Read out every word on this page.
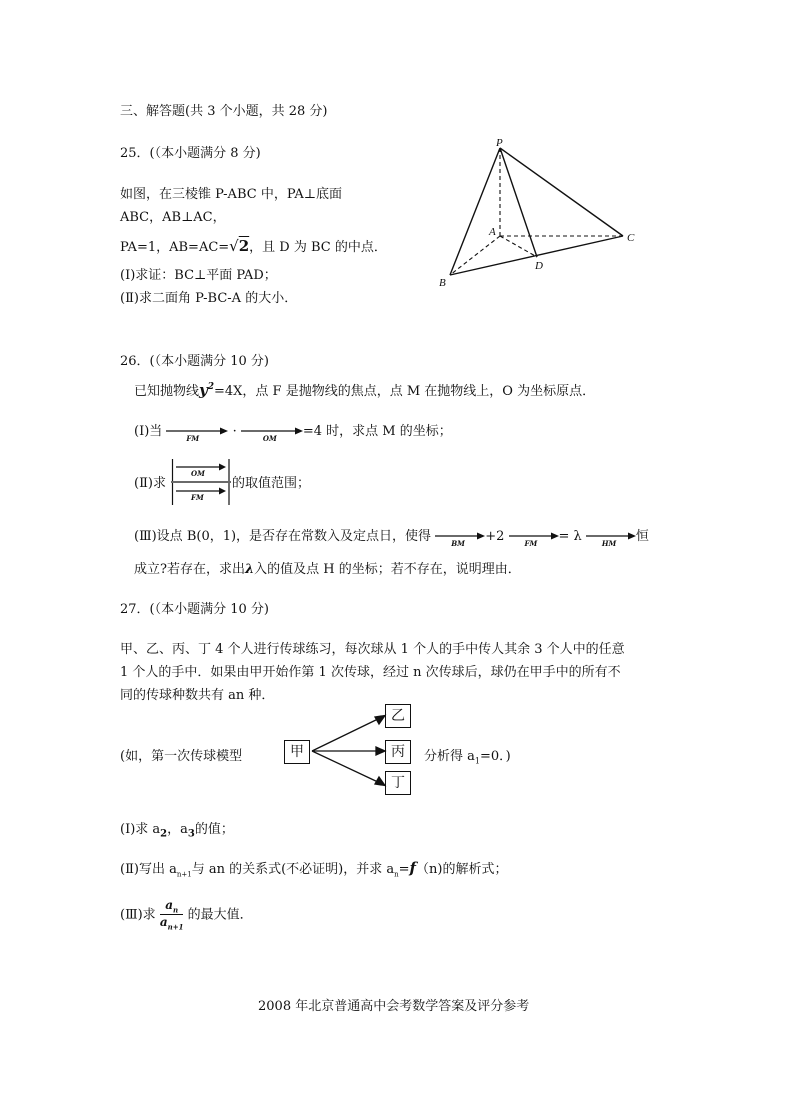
三、解答题(共 3 个小题，共 28 分)
25．(（本小题满分 8 分)
如图，在三棱锥 P-ABC 中，PA⊥底面
ABC，AB⊥AC，
PA=1，AB=AC=√2，且 D 为 BC 的中点．
(I)求证：BC⊥平面 PAD；
(Ⅱ)求二面角 P-BC-A 的大小．
P
A
B
C
D
26．(（本小题满分 10 分)
已知抛物线$y^2=4X$，点 F 是抛物线的焦点，点 M 在抛物线上，O 为坐标原点．
(I)当	FM	·	OM =4 时，求点 M 的坐标；
(Ⅱ)求
OM
FM
的取值范围；
(Ⅲ)设点 B(0，1)，是否存在常数入及定点日，使得	BM +2	FM = λ	HM 恒
成立?若存在，求出λ入的值及点 H 的坐标；若不存在，说明理由．
27．(（本小题满分 10 分)
甲、乙、丙、丁 4 个人进行传球练习，每次球从 1 个人的手中传人其余 3 个人中的任意
1 个人的手中．如果由甲开始作第 1 次传球，经过 n 次传球后，球仍在甲手中的所有不
同的传球种数共有 an 种．
(如，第一次传球模型	甲
乙
丙
丁
分析得 $a_1=0$．)
(I)求 $a_2$，$a_3$的值；
(Ⅱ)写出 $a_{n+1}$与 an 的关系式(不必证明)，并求 $a_n=f(n)$的解析式；
(Ⅲ)求 $\frac{a_n}{a_{n+1}}$ 的最大值．
2008 年北京普通高中会考数学答案及评分参考
